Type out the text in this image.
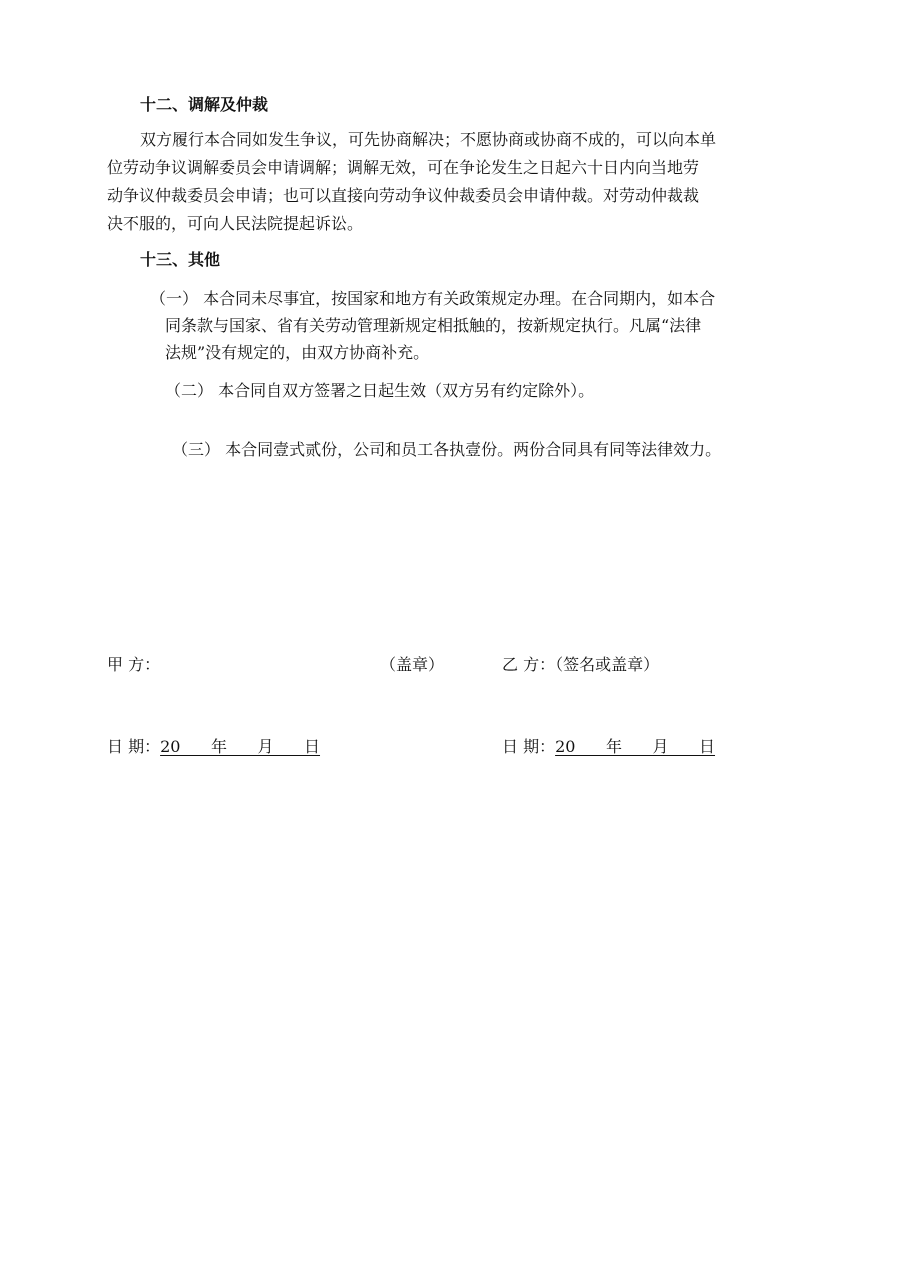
十二、调解及仲裁
双方履行本合同如发生争议，可先协商解决；不愿协商或协商不成的，可以向本单
位劳动争议调解委员会申请调解；调解无效，可在争论发生之日起六十日内向当地劳
动争议仲裁委员会申请；也可以直接向劳动争议仲裁委员会申请仲裁。对劳动仲裁裁
决不服的，可向人民法院提起诉讼。
十三、其他
（一） 本合同未尽事宜，按国家和地方有关政策规定办理。在合同期内，如本合
同条款与国家、省有关劳动管理新规定相抵触的，按新规定执行。凡属“法律
法规”没有规定的，由双方协商补充。
（二） 本合同自双方签署之日起生效（双方另有约定除外）。
（三） 本合同壹式贰份，公司和员工各执壹份。两份合同具有同等法律效力。
甲 方：	（盖章）	乙 方：（签名或盖章）
日 期：20      年      月      日	日 期：20      年      月      日
